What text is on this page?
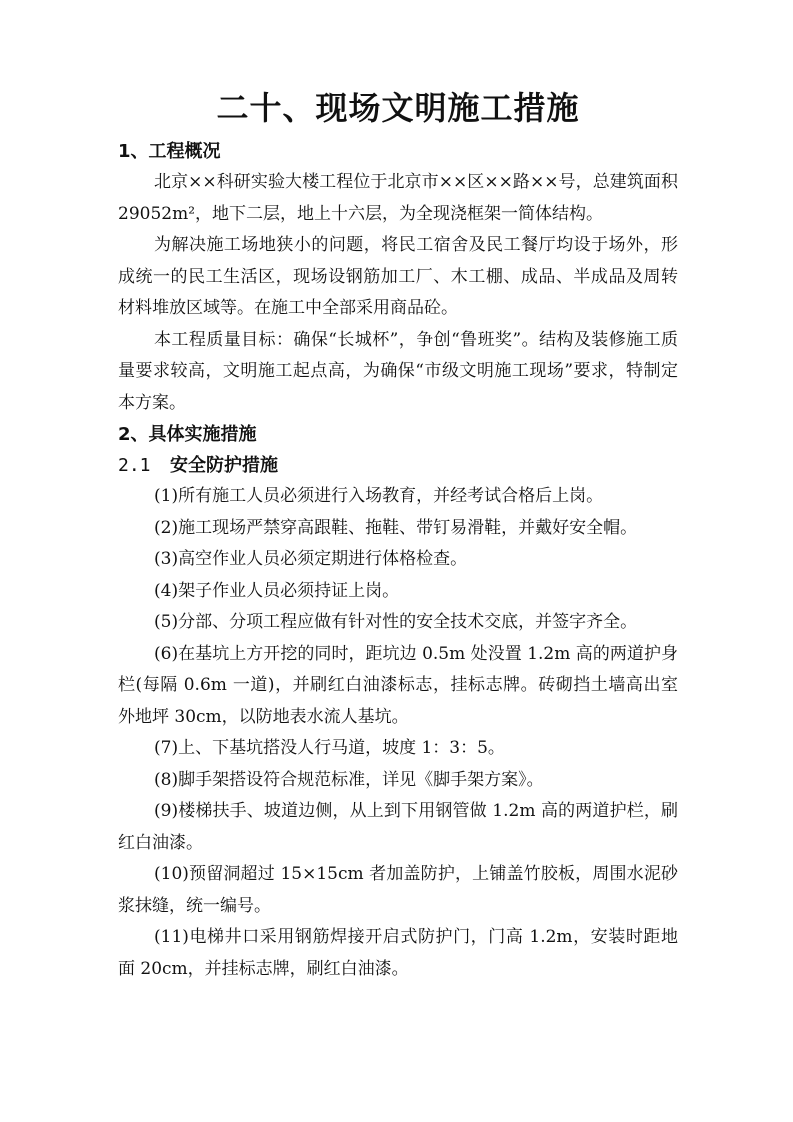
二十、现场文明施工措施

1、工程概况

北京××科研实验大楼工程位于北京市××区××路××号，总建筑面积 29052m²，地下二层，地上十六层，为全现浇框架一简体结构。

为解决施工场地狭小的问题，将民工宿舍及民工餐厅均设于场外，形成统一的民工生活区，现场设钢筋加工厂、木工棚、成品、半成品及周转材料堆放区域等。在施工中全部采用商品砼。

本工程质量目标：确保“长城杯”，争创“鲁班奖”。结构及装修施工质量要求较高，文明施工起点高，为确保“市级文明施工现场”要求，特制定本方案。

2、具体实施措施

2.1 安全防护措施

(1)所有施工人员必须进行入场教育，并经考试合格后上岗。

(2)施工现场严禁穿高跟鞋、拖鞋、带钉易滑鞋，并戴好安全帽。

(3)高空作业人员必须定期进行体格检查。

(4)架子作业人员必须持证上岗。

(5)分部、分项工程应做有针对性的安全技术交底，并签字齐全。

(6)在基坑上方开挖的同时，距坑边 0.5m 处没置 1.2m 高的两道护身栏(每隔 0.6m 一道)，并刷红白油漆标志，挂标志牌。砖砌挡土墙高出室外地坪 30cm，以防地表水流人基坑。

(7)上、下基坑搭没人行马道，坡度 1：3：5。

(8)脚手架搭设符合规范标准，详见《脚手架方案》。

(9)楼梯扶手、坡道边侧，从上到下用钢管做 1.2m 高的两道护栏，刷红白油漆。

(10)预留洞超过 15×15cm 者加盖防护，上铺盖竹胶板，周围水泥砂浆抹缝，统一编号。

(11)电梯井口采用钢筋焊接开启式防护门，门高 1.2m，安装时距地面 20cm，并挂标志牌，刷红白油漆。
